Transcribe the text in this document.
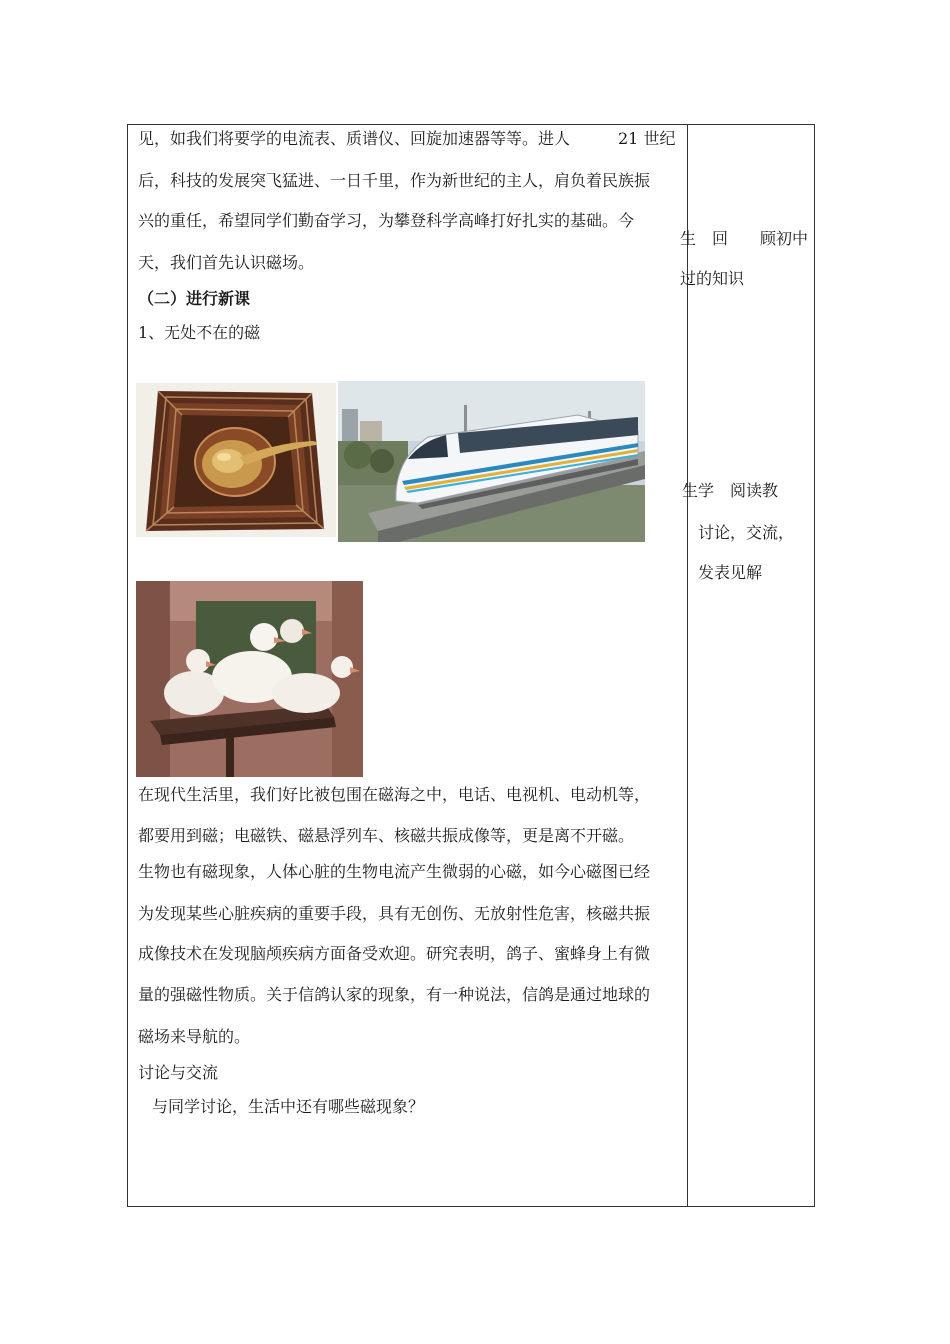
见，如我们将要学的电流表、质谱仪、回旋加速器等等。进人　　　21 世纪
后，科技的发展突飞猛进、一日千里，作为新世纪的主人，肩负着民族振
兴的重任，希望同学们勤奋学习，为攀登科学高峰打好扎实的基础。今
天，我们首先认识磁场。
（二）进行新课
1、无处不在的磁
在现代生活里，我们好比被包围在磁海之中，电话、电视机、电动机等，
都要用到磁；电磁铁、磁悬浮列车、核磁共振成像等，更是离不开磁。
生物也有磁现象，人体心脏的生物电流产生微弱的心磁，如今心磁图已经
为发现某些心脏疾病的重要手段，具有无创伤、无放射性危害，核磁共振
成像技术在发现脑颅疾病方面备受欢迎。研究表明，鸽子、蜜蜂身上有微
量的强磁性物质。关于信鸽认家的现象，有一种说法，信鸽是通过地球的
磁场来导航的。
讨论与交流
与同学讨论，生活中还有哪些磁现象？
生　回　　顾初中
过的知识
生学　阅读教
讨论，交流，
发表见解
